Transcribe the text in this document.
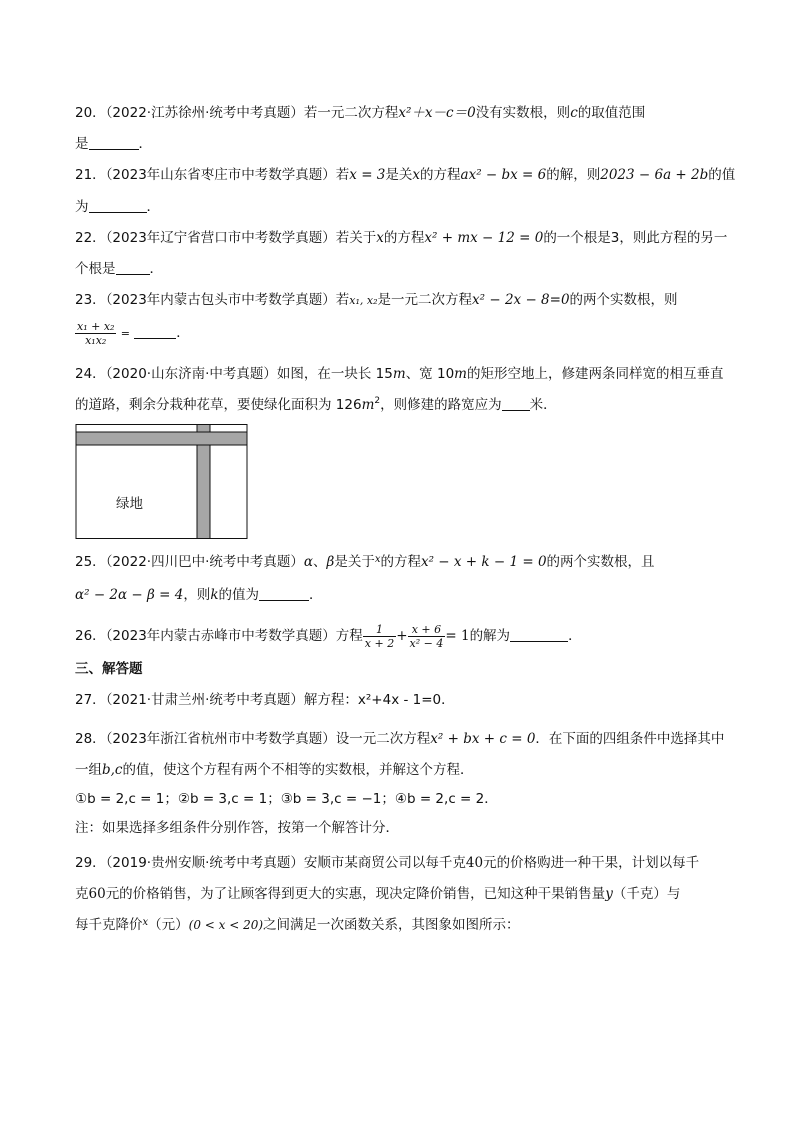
20．（2022·江苏徐州·统考中考真题）若一元二次方程x²＋x－c＝0没有实数根，则c的取值范围
是	．
21．（2023年山东省枣庄市中考数学真题）若x = 3是关x的方程ax² − bx = 6的解，则2023 − 6a + 2b的值
为	．
22．（2023年辽宁省营口市中考数学真题）若关于x的方程x² + mx − 12 = 0的一个根是3，则此方程的另一
个根是	．
23．（2023年内蒙古包头市中考数学真题）若x₁, x₂是一元二次方程x² − 2x − 8=0的两个实数根，则
$\frac{\text{x₁ + x₂}}{\text{x₁x₂}}$ =	．
24．（2020·山东济南·中考真题）如图，在一块长 15m、宽 10m的矩形空地上，修建两条同样宽的相互垂直
的道路，剩余分栽种花草，要使绿化面积为 $126m^2$，则修建的路宽应为 米．
绿地
25．（2022·四川巴中·统考中考真题）α、β是关于$^x$的方程x² − x + k − 1 = 0的两个实数根，且
α² − 2α − β = 4，则k的值为	．
26．（2023年内蒙古赤峰市中考数学真题）方程 $\frac{1}{x + 2} + \frac{x + 6}{\text{x² − 4}} = 1$的解为	．
三、解答题
27．（2021·甘肃兰州·统考中考真题）解方程：x²+4x - 1=0．
28．（2023年浙江省杭州市中考数学真题）设一元二次方程x² + bx + c = 0．在下面的四组条件中选择其中
一组b,c的值，使这个方程有两个不相等的实数根，并解这个方程．
①b = 2,c = 1；②b = 3,c = 1；③b = 3,c = −1；④b = 2,c = 2．
注：如果选择多组条件分别作答，按第一个解答计分．
29．（2019·贵州安顺·统考中考真题）安顺市某商贸公司以每千克40元的价格购进一种干果，计划以每千
克60元的价格销售，为了让顾客得到更大的实惠，现决定降价销售，已知这种干果销售量y（千克）与
每千克降价$^x$（元）(0 < x < 20)之间满足一次函数关系，其图象如图所示：
